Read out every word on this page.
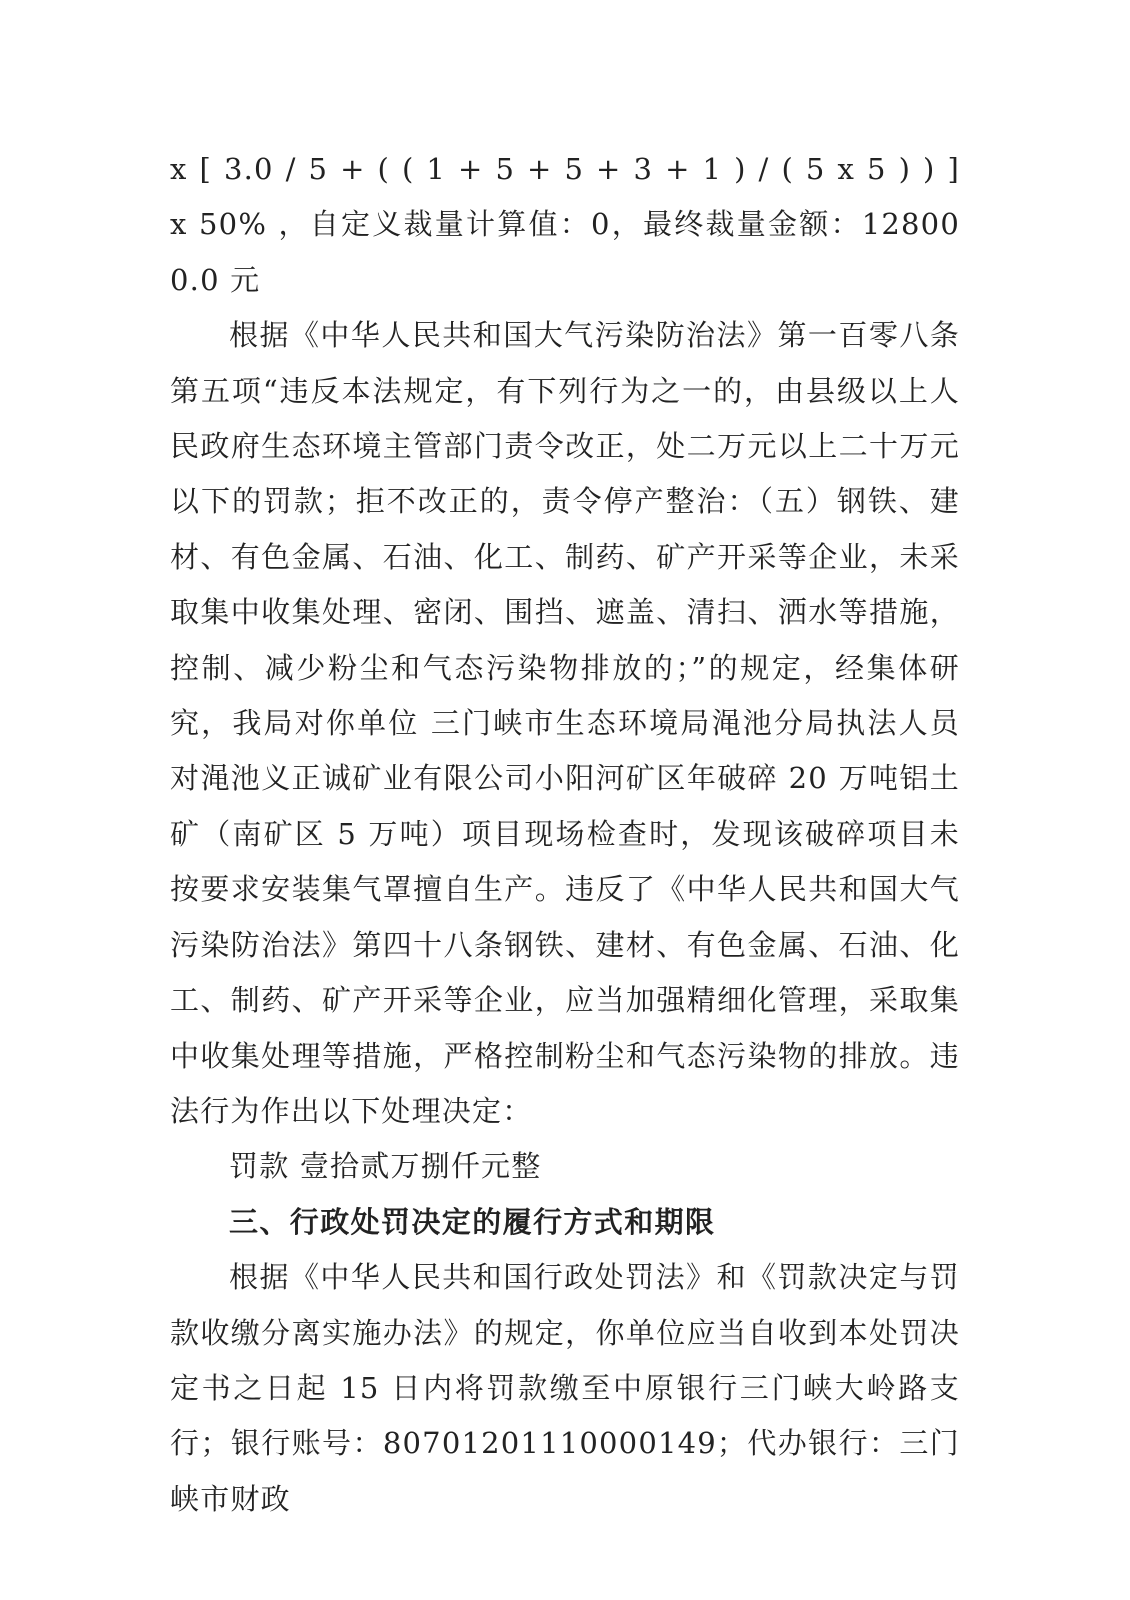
x [ 3.0 / 5 + ( ( 1 + 5 + 5 + 3 + 1 ) / ( 5 x 5 ) ) ]　x 50% ，自定义裁量计算值：0，最终裁量金额：128000.0 元

根据《中华人民共和国大气污染防治法》第一百零八条第五项“违反本法规定，有下列行为之一的，由县级以上人民政府生态环境主管部门责令改正，处二万元以上二十万元以下的罚款；拒不改正的，责令停产整治：（五）钢铁、建材、有色金属、石油、化工、制药、矿产开采等企业，未采取集中收集处理、密闭、围挡、遮盖、清扫、洒水等措施，控制、减少粉尘和气态污染物排放的；”的规定，经集体研究，我局对你单位 三门峡市生态环境局渑池分局执法人员对渑池义正诚矿业有限公司小阳河矿区年破碎 20 万吨铝土矿（南矿区 5 万吨）项目现场检查时，发现该破碎项目未按要求安装集气罩擅自生产。违反了《中华人民共和国大气污染防治法》第四十八条钢铁、建材、有色金属、石油、化工、制药、矿产开采等企业，应当加强精细化管理，采取集中收集处理等措施，严格控制粉尘和气态污染物的排放。违法行为作出以下处理决定：

罚款 壹拾贰万捌仟元整

三、行政处罚决定的履行方式和期限

根据《中华人民共和国行政处罚法》和《罚款决定与罚款收缴分离实施办法》的规定，你单位应当自收到本处罚决定书之日起 15 日内将罚款缴至中原银行三门峡大岭路支行；银行账号：80701201110000149；代办银行：三门峡市财政
